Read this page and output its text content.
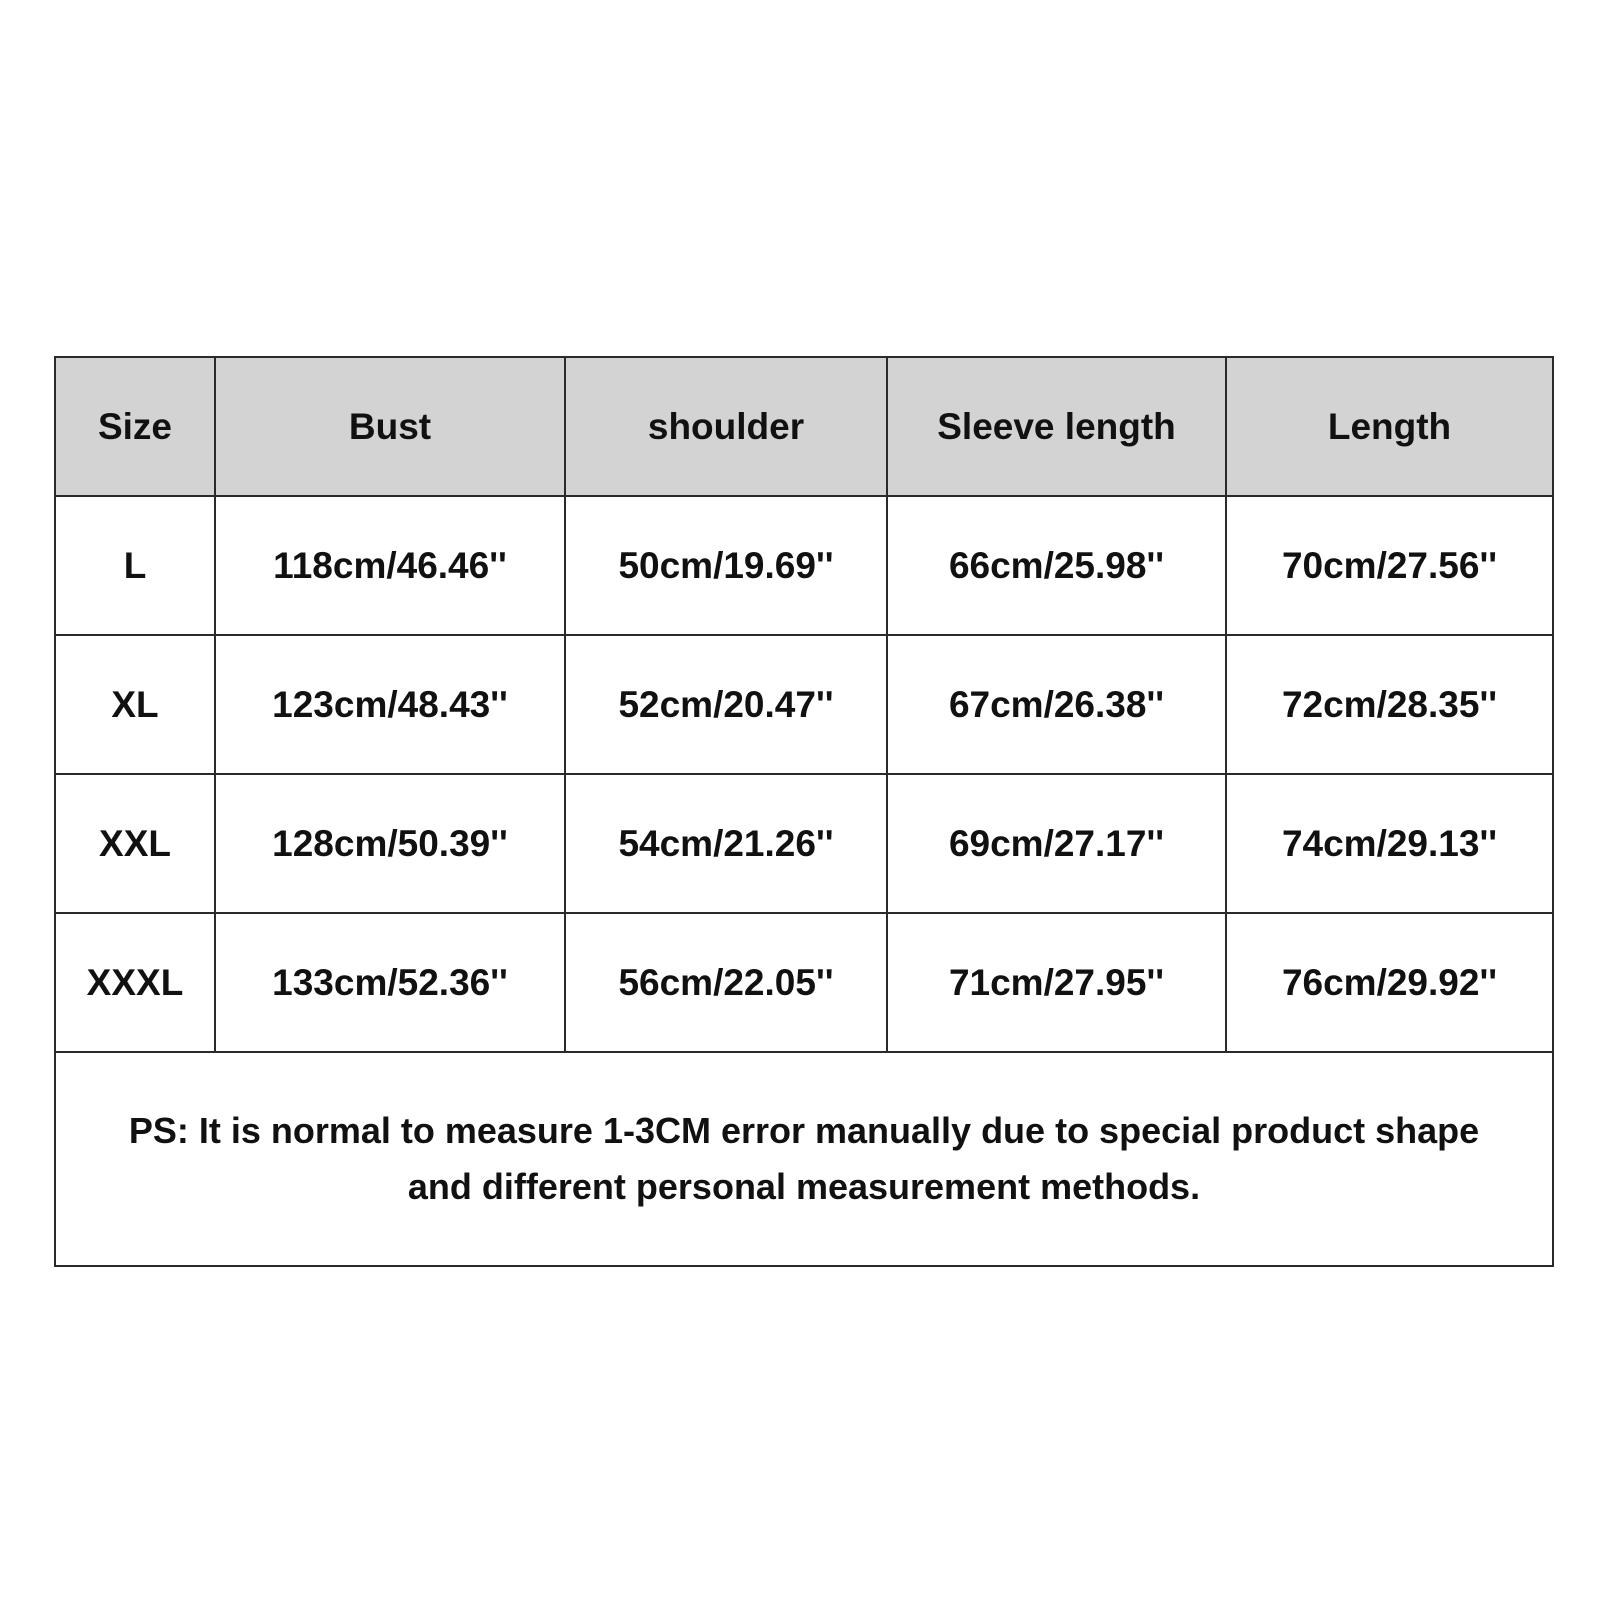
Size	Bust	shoulder	Sleeve length	Length
L	118cm/46.46''	50cm/19.69''	66cm/25.98''	70cm/27.56''
XL	123cm/48.43''	52cm/20.47''	67cm/26.38''	72cm/28.35''
XXL	128cm/50.39''	54cm/21.26''	69cm/27.17''	74cm/29.13''
XXXL	133cm/52.36''	56cm/22.05''	71cm/27.95''	76cm/29.92''
PS: It is normal to measure 1-3CM error manually due to special product shape
and different personal measurement methods.				
